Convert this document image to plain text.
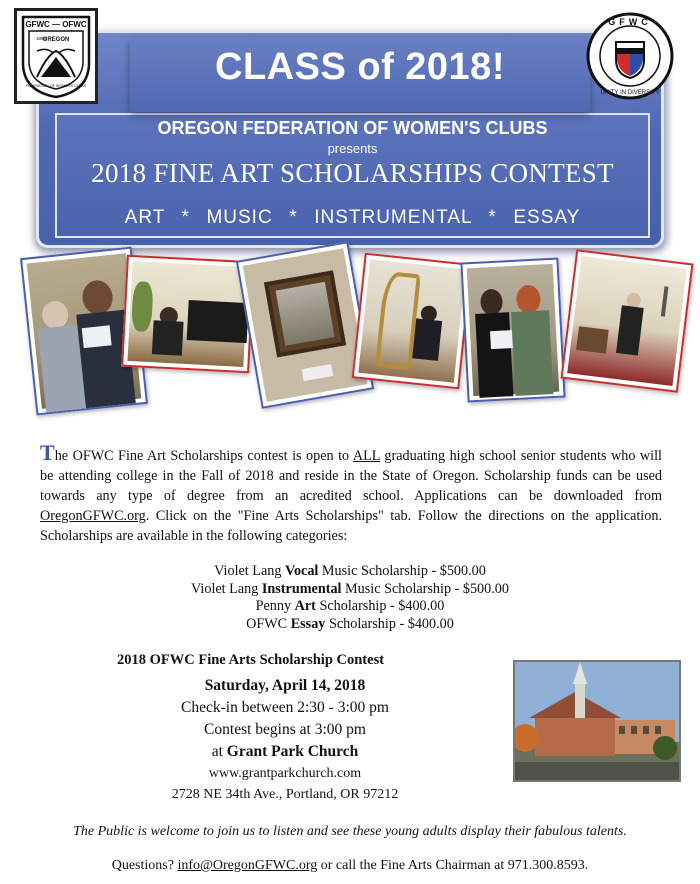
CLASS of 2018!
OREGON FEDERATION OF WOMEN'S CLUBS
presents
2018 FINE ART SCHOLARSHIPS CONTEST
ART  *  MUSIC  *  INSTRUMENTAL  *  ESSAY
GFWC — OFWC
OREGON
1899
FEDERATION OF WOMEN'S CLUBS
GFWC
UNITY IN DIVERSITY
The OFWC Fine Art Scholarships contest is open to ALL graduating high school senior students who will be attending college in the Fall of 2018 and reside in the State of Oregon. Scholarship funds can be used towards any type of degree from an acredited school. Applications can be downloaded from OregonGFWC.org. Click on the "Fine Arts Scholarships" tab. Follow the directions on the application. Scholarships are available in the following categories:
Violet Lang Vocal Music Scholarship - $500.00
Violet Lang Instrumental Music Scholarship - $500.00
Penny Art Scholarship - $400.00
OFWC Essay Scholarship - $400.00
2018 OFWC Fine Arts Scholarship Contest
Saturday, April 14, 2018
Check-in between 2:30 - 3:00 pm
Contest begins at 3:00 pm
at Grant Park Church
www.grantparkchurch.com
2728 NE 34th Ave., Portland, OR 97212
The Public is welcome to join us to listen and see these young adults display their fabulous talents.
Questions? info@OregonGFWC.org or call the Fine Arts Chairman at 971.300.8593.
